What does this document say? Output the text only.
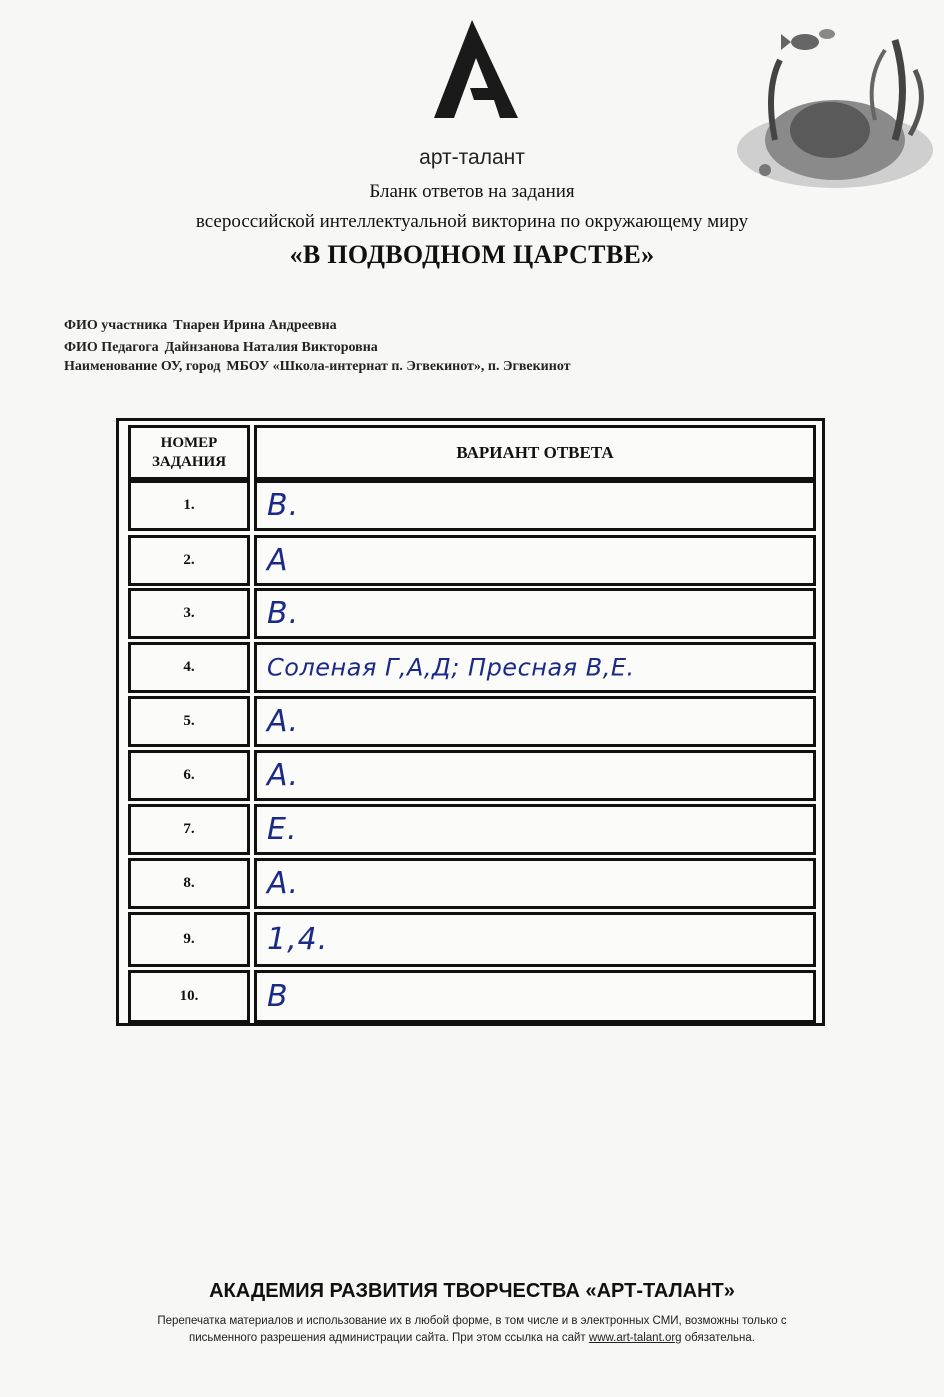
арт-талант
Бланк ответов на задания
всероссийской интеллектуальной викторина по окружающему миру
«В ПОДВОДНОМ ЦАРСТВЕ»
ФИО участника Тнарен Ирина Андреевна
ФИО Педагога Дайнзанова Наталия Викторовна
Наименование ОУ, город МБОУ «Школа-интернат п. Эгвекинот», п. Эгвекинот
НОМЕР
ЗАДАНИЯ	ВАРИАНТ ОТВЕТА
1.	В.
2.	А
3.	В.
4.	Соленая Г,А,Д; Пресная В,Е.
5.	А.
6.	А.
7.	Е.
8.	А.
9.	1,4.
10.	В
АКАДЕМИЯ РАЗВИТИЯ ТВОРЧЕСТВА «АРТ-ТАЛАНТ»
Перепечатка материалов и использование их в любой форме, в том числе и в электронных СМИ, возможны только с
письменного разрешения администрации сайта. При этом ссылка на сайт www.art-talant.org обязательна.
